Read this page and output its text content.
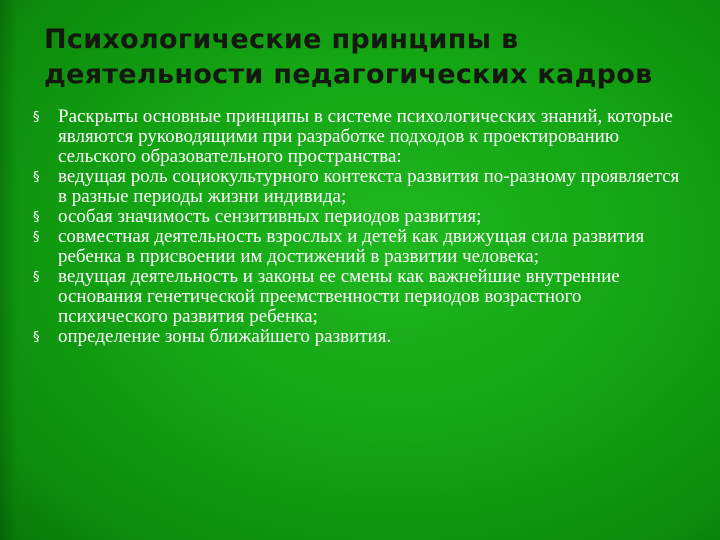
Психологические принципы в деятельности педагогических кадров
§ Раскрыты основные принципы в системе психологических знаний, которые являются руководящими при разработке подходов к проектированию сельского образовательного пространства:
§ ведущая роль социокультурного контекста развития по-разному проявляется в разные периоды жизни индивида;
§ особая значимость сензитивных периодов развития;
§ совместная деятельность взрослых и детей как движущая сила развития ребенка в присвоении им достижений в развитии человека;
§ ведущая деятельность и законы ее смены как важнейшие внутренние основания генетической преемственности периодов возрастного психического развития ребенка;
§ определение зоны ближайшего развития.
